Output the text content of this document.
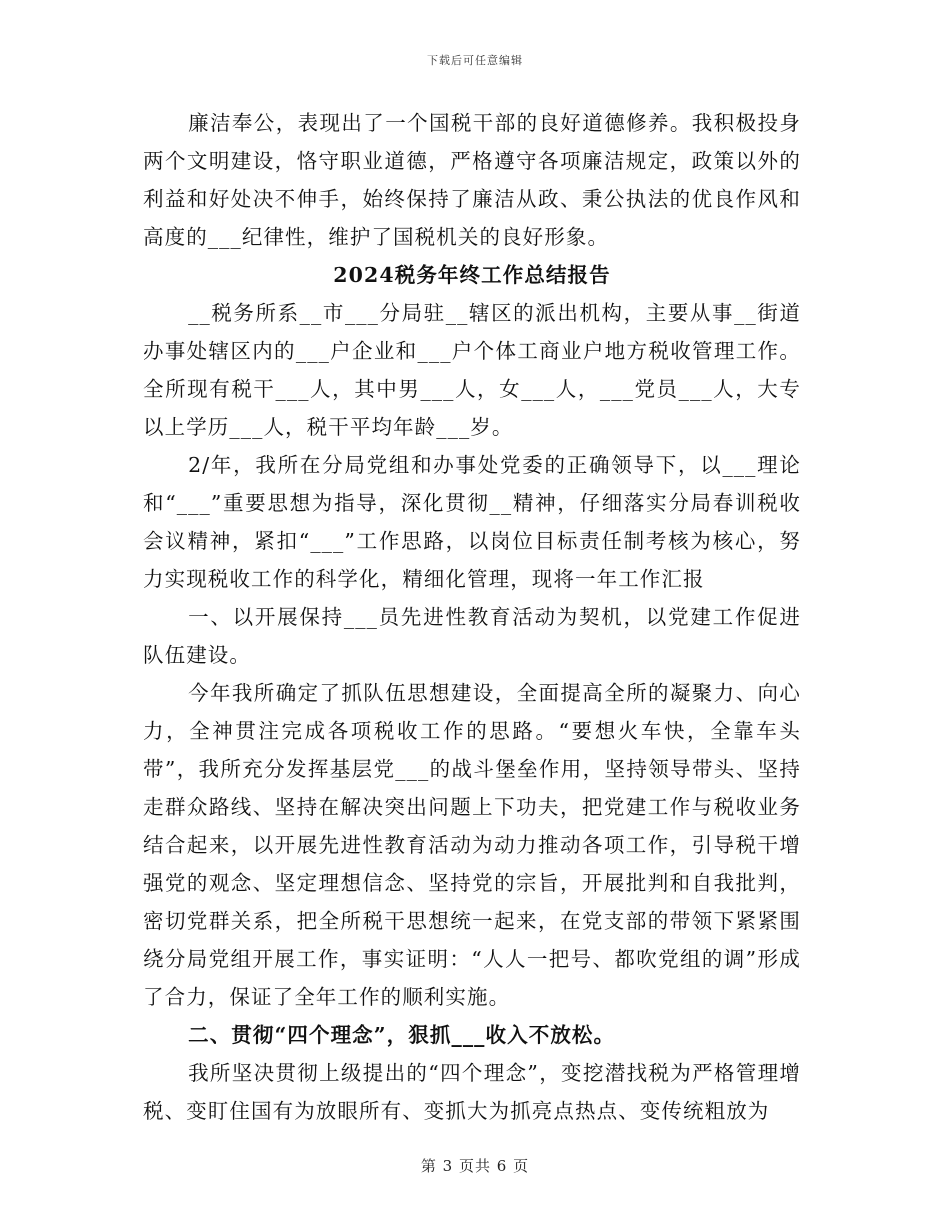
下载后可任意编辑

廉洁奉公，表现出了一个国税干部的良好道德修养。我积极投身两个文明建设，恪守职业道德，严格遵守各项廉洁规定，政策以外的利益和好处决不伸手，始终保持了廉洁从政、秉公执法的优良作风和高度的___纪律性，维护了国税机关的良好形象。

2024税务年终工作总结报告

__税务所系__市___分局驻__辖区的派出机构，主要从事__街道办事处辖区内的___户企业和___户个体工商业户地方税收管理工作。全所现有税干___人，其中男___人，女___人，___党员___人，大专以上学历___人，税干平均年龄___岁。

2/年，我所在分局党组和办事处党委的正确领导下，以___理论和“___”重要思想为指导，深化贯彻__精神，仔细落实分局春训税收会议精神，紧扣“___”工作思路，以岗位目标责任制考核为核心，努力实现税收工作的科学化，精细化管理，现将一年工作汇报

一、以开展保持___员先进性教育活动为契机，以党建工作促进队伍建设。

今年我所确定了抓队伍思想建设，全面提高全所的凝聚力、向心力，全神贯注完成各项税收工作的思路。“要想火车快，全靠车头带”，我所充分发挥基层党___的战斗堡垒作用，坚持领导带头、坚持走群众路线、坚持在解决突出问题上下功夫，把党建工作与税收业务结合起来，以开展先进性教育活动为动力推动各项工作，引导税干增强党的观念、坚定理想信念、坚持党的宗旨，开展批判和自我批判，密切党群关系，把全所税干思想统一起来，在党支部的带领下紧紧围绕分局党组开展工作，事实证明：“人人一把号、都吹党组的调”形成了合力，保证了全年工作的顺利实施。

二、贯彻“四个理念”，狠抓___收入不放松。

我所坚决贯彻上级提出的“四个理念”，变挖潜找税为严格管理增税、变盯住国有为放眼所有、变抓大为抓亮点热点、变传统粗放为

第 3 页共 6 页
